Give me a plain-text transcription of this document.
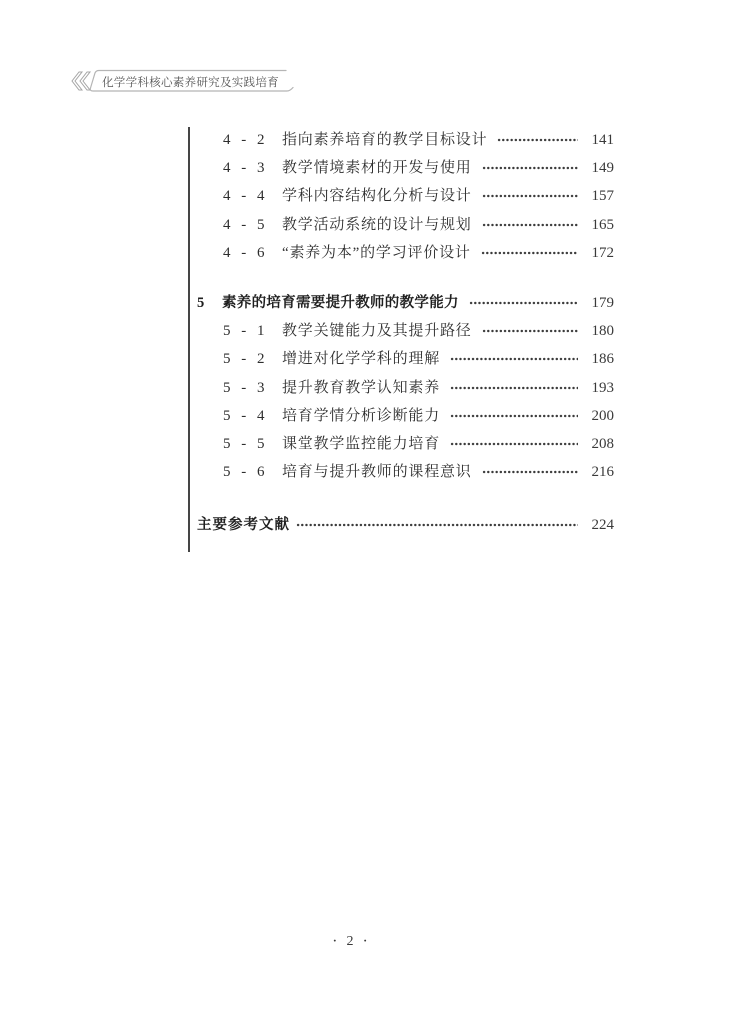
化学学科核心素养研究及实践培育
4 - 2 指向素养培育的教学目标设计	141
4 - 3 教学情境素材的开发与使用	149
4 - 4 学科内容结构化分析与设计	157
4 - 5 教学活动系统的设计与规划	165
4 - 6 “素养为本”的学习评价设计	172
5	素养的培育需要提升教师的教学能力	179
5 - 1 教学关键能力及其提升路径	180
5 - 2 增进对化学学科的理解	186
5 - 3 提升教育教学认知素养	193
5 - 4 培育学情分析诊断能力	200
5 - 5 课堂教学监控能力培育	208
5 - 6 培育与提升教师的课程意识	216
主要参考文献	224
· 2 ·
